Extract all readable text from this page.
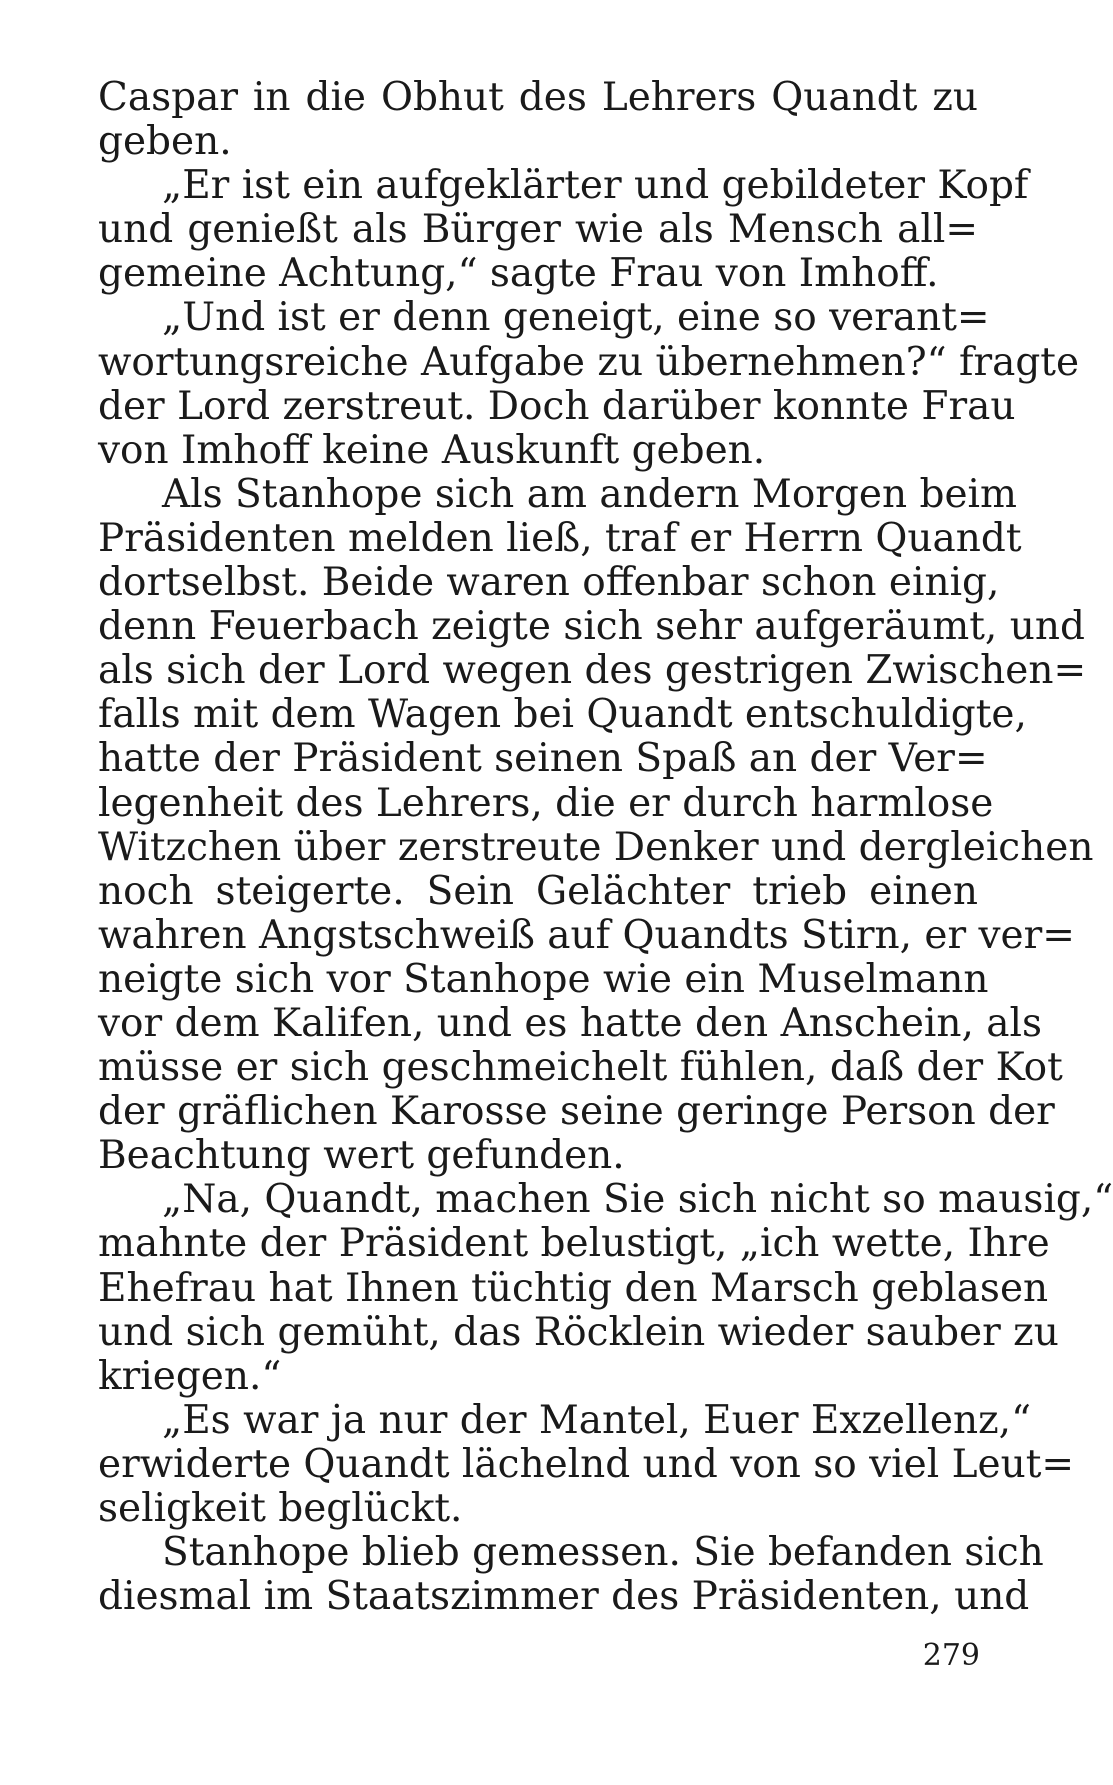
Caspar in die Obhut des Lehrers Quandt zu
geben.
„Er ist ein aufgeklärter und gebildeter Kopf
und genießt als Bürger wie als Mensch all=
gemeine Achtung,“ sagte Frau von Imhoff.
„Und ist er denn geneigt, eine so verant=
wortungsreiche Aufgabe zu übernehmen?“ fragte
der Lord zerstreut. Doch darüber konnte Frau
von Imhoff keine Auskunft geben.
Als Stanhope sich am andern Morgen beim
Präsidenten melden ließ, traf er Herrn Quandt
dortselbst. Beide waren offenbar schon einig,
denn Feuerbach zeigte sich sehr aufgeräumt, und
als sich der Lord wegen des gestrigen Zwischen=
falls mit dem Wagen bei Quandt entschuldigte,
hatte der Präsident seinen Spaß an der Ver=
legenheit des Lehrers, die er durch harmlose
Witzchen über zerstreute Denker und dergleichen
noch steigerte. Sein Gelächter trieb einen
wahren Angstschweiß auf Quandts Stirn, er ver=
neigte sich vor Stanhope wie ein Muselmann
vor dem Kalifen, und es hatte den Anschein, als
müsse er sich geschmeichelt fühlen, daß der Kot
der gräflichen Karosse seine geringe Person der
Beachtung wert gefunden.
„Na, Quandt, machen Sie sich nicht so mausig,“
mahnte der Präsident belustigt, „ich wette, Ihre
Ehefrau hat Ihnen tüchtig den Marsch geblasen
und sich gemüht, das Röcklein wieder sauber zu
kriegen.“
„Es war ja nur der Mantel, Euer Exzellenz,“
erwiderte Quandt lächelnd und von so viel Leut=
seligkeit beglückt.
Stanhope blieb gemessen. Sie befanden sich
diesmal im Staatszimmer des Präsidenten, und
279
